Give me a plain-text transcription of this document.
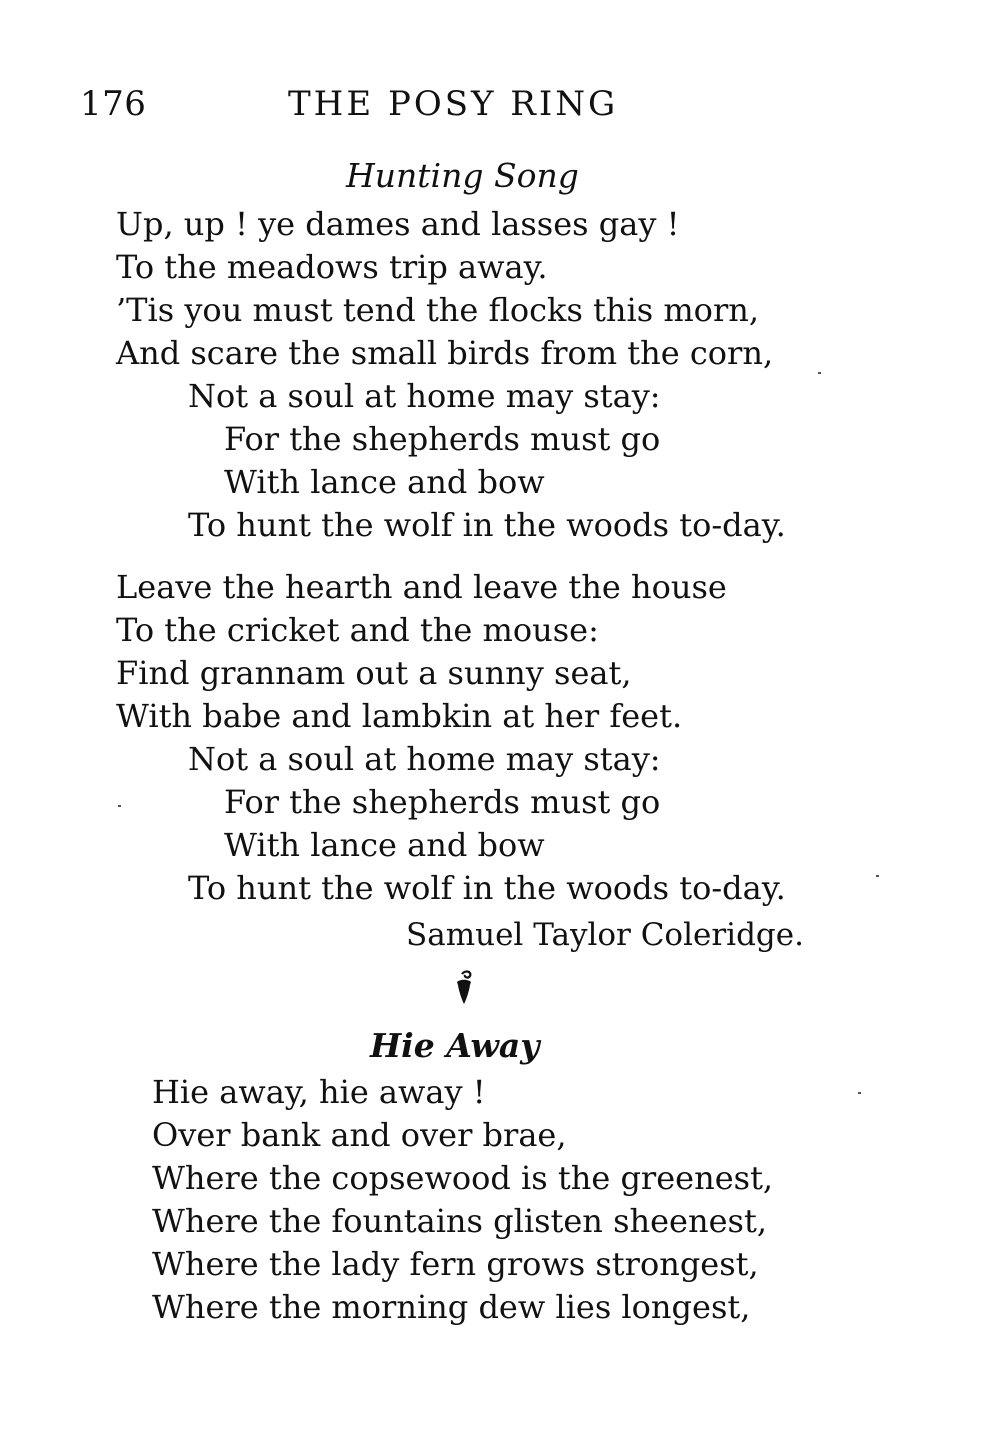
176	THE POSY RING
Hunting Song
Up, up ! ye dames and lasses gay !
To the meadows trip away.
’Tis you must tend the flocks this morn,
And scare the small birds from the corn,
Not a soul at home may stay:
For the shepherds must go
With lance and bow
To hunt the wolf in the woods to-day.
Leave the hearth and leave the house
To the cricket and the mouse:
Find grannam out a sunny seat,
With babe and lambkin at her feet.
Not a soul at home may stay:
For the shepherds must go
With lance and bow
To hunt the wolf in the woods to-day.
Samuel Taylor Coleridge.
Hie Away
Hie away, hie away !
Over bank and over brae,
Where the copsewood is the greenest,
Where the fountains glisten sheenest,
Where the lady fern grows strongest,
Where the morning dew lies longest,
